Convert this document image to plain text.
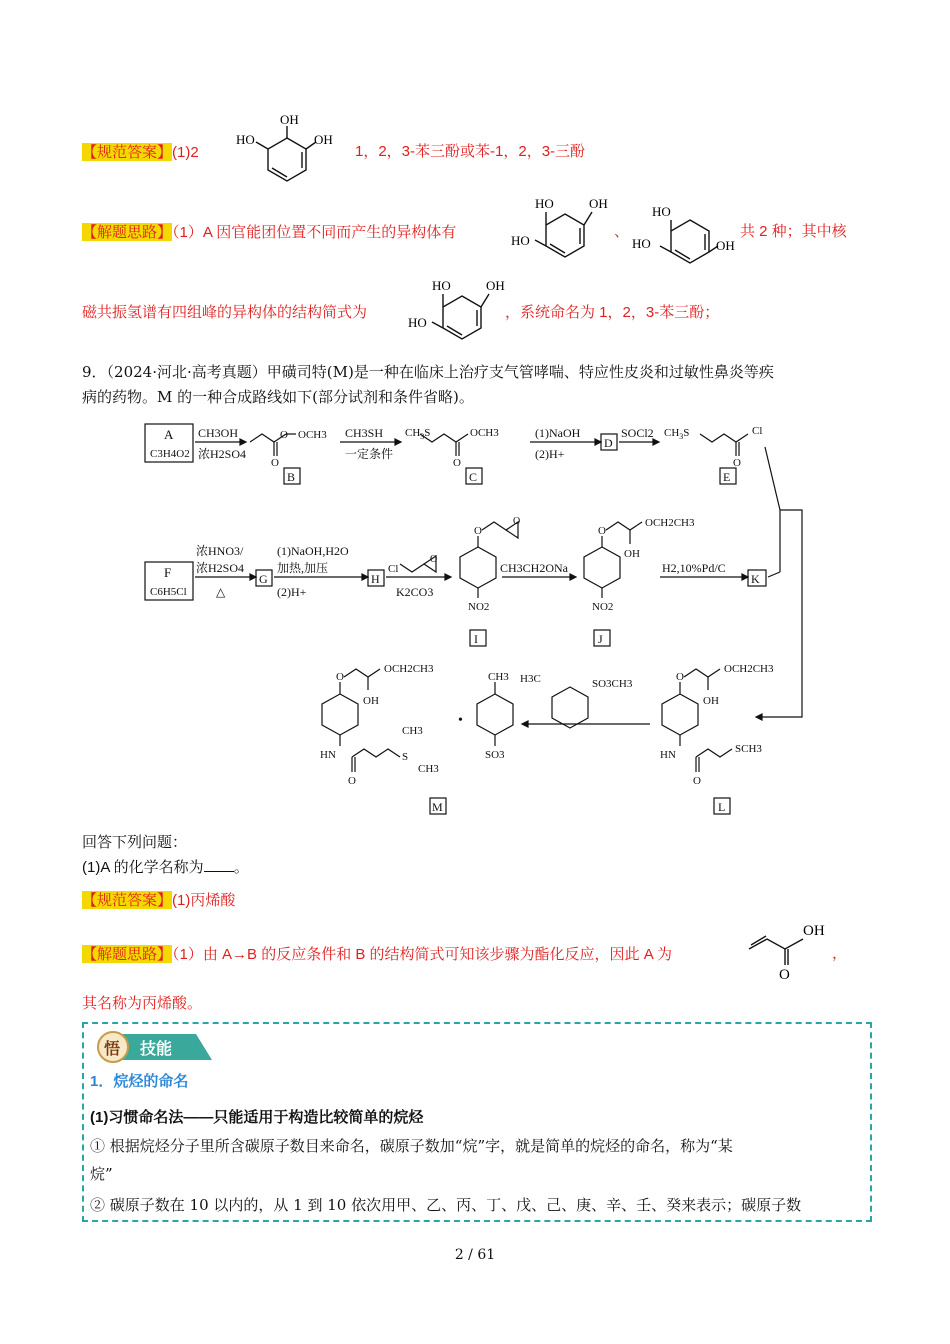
【规范答案】(1)2
OH
HO	OH
1，2，3-苯三酚或苯-1，2，3-三酚
【解题思路】（1）A 因官能团位置不同而产生的异构体有
HO	OH
HO
、
HO
HO	OH
共 2 种；其中核
磁共振氢谱有四组峰的异构体的结构简式为
HO	OH
HO
，系统命名为 1，2，3-苯三酚；
9．（2024·河北·高考真题）甲磺司特(M)是一种在临床上治疗支气管哮喘、特应性皮炎和过敏性鼻炎等疾
病的药物。M 的一种合成路线如下(部分试剂和条件省略)。
A
C3H4O2
CH3OH
浓H2SO4
O OCH3
O
B
CH3SH
一定条件
$CH_3S$	OCH3
O
C
(1)NaOH
(2)H+
D
SOCl2 $CH_3S$	Cl
O
E
F
C6H5Cl
浓HNO3/
浓H2SO4
△
G
(1)NaOH,H2O
加热,加压
(2)H+
H
Cl
O
K2CO3
O
O
NO2
I
CH3CH2ONa
O
OCH2CH3
OH
NO2
J
H2,10%Pd/C
K
O
OCH2CH3
OH
HN	SCH3
O
L
H3C	SO3CH3
CH3
SO3
•
O
OCH2CH3
OH
HN	S
CH3
CH3
O
M
回答下列问题：
(1)A 的化学名称为 。
【规范答案】(1)丙烯酸
【解题思路】（1）由 A→B 的反应条件和 B 的结构简式可知该步骤为酯化反应，因此 A 为
OH
O
，
其名称为丙烯酸。
悟 技能
1．烷烃的命名
(1)习惯命名法——只能适用于构造比较简单的烷烃
① 根据烷烃分子里所含碳原子数目来命名，碳原子数加“烷”字，就是简单的烷烃的命名，称为“某
烷”
② 碳原子数在 10 以内的，从 1 到 10 依次用甲、乙、丙、丁、戊、己、庚、辛、壬、癸来表示；碳原子数
2 / 61
